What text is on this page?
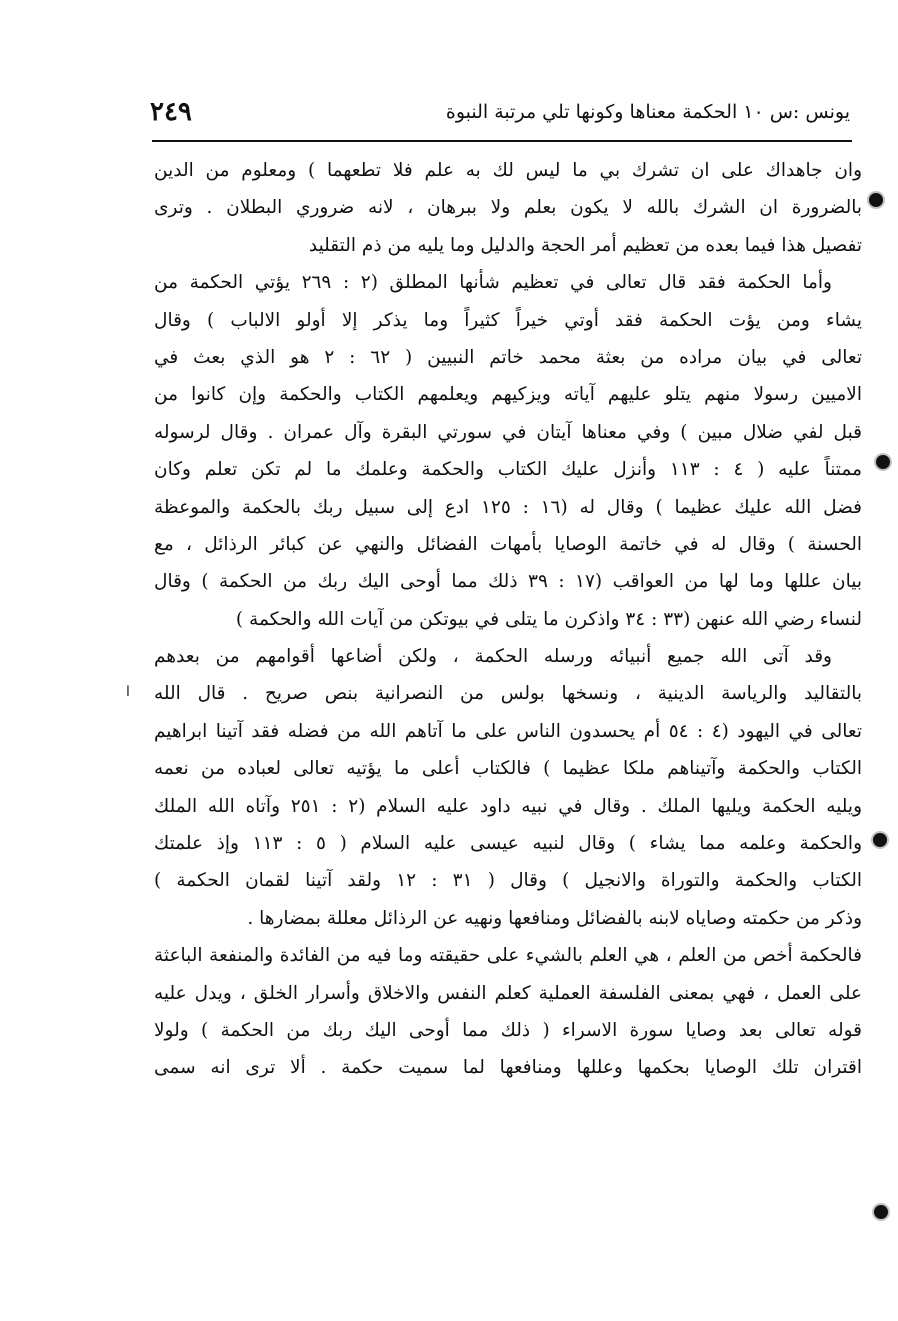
يونس :س ١٠ الحكمة معناها وكونها تلي مرتبة النبوة
٢٤٩
وان جاهداك على ان تشرك بي ما ليس لك به علم فلا تطعهما ) ومعلوم من الدين
بالضرورة ان الشرك بالله لا يكون بعلم ولا ببرهان ، لانه ضروري البطلان . وترى
تفصيل هذا فيما بعده من تعظيم أمر الحجة والدليل وما يليه من ذم التقليد
وأما الحكمة فقد قال تعالى في تعظيم شأنها المطلق (٢ : ٢٦٩ يؤتي الحكمة من
يشاء ومن يؤت الحكمة فقد أوتي خيراً كثيراً وما يذكر إلا أولو الالباب ) وقال
تعالى في بيان مراده من بعثة محمد خاتم النبيين ( ٦٢ : ٢ هو الذي بعث في
الاميين رسولا منهم يتلو عليهم آياته ويزكيهم ويعلمهم الكتاب والحكمة وإن كانوا من
قبل لفي ضلال مبين ) وفي معناها آيتان في سورتي البقرة وآل عمران . وقال لرسوله
ممتناً عليه ( ٤ : ١١٣ وأنزل عليك الكتاب والحكمة وعلمك ما لم تكن تعلم وكان
فضل الله عليك عظيما ) وقال له (١٦ : ١٢٥ ادع إلى سبيل ربك بالحكمة والموعظة
الحسنة ) وقال له في خاتمة الوصايا بأمهات الفضائل والنهي عن كبائر الرذائل ، مع
بيان عللها وما لها من العواقب (١٧ : ٣٩ ذلك مما أوحى اليك ربك من الحكمة ) وقال
لنساء رضي الله عنهن (٣٣ : ٣٤ واذكرن ما يتلى في بيوتكن من آيات الله والحكمة )
وقد آتى الله جميع أنبيائه ورسله الحكمة ، ولكن أضاعها أقوامهم من بعدهم
بالتقاليد والرياسة الدينية ، ونسخها بولس من النصرانية بنص صريح . قال الله
تعالى في اليهود (٤ : ٥٤ أم يحسدون الناس على ما آتاهم الله من فضله فقد آتينا ابراهيم
الكتاب والحكمة وآتيناهم ملكا عظيما ) فالكتاب أعلى ما يؤتيه تعالى لعباده من نعمه
ويليه الحكمة ويليها الملك . وقال في نبيه داود عليه السلام (٢ : ٢٥١ وآتاه الله الملك
والحكمة وعلمه مما يشاء ) وقال لنبيه عيسى عليه السلام ( ٥ : ١١٣ وإذ علمتك
الكتاب والحكمة والتوراة والانجيل ) وقال ( ٣١ : ١٢ ولقد آتينا لقمان الحكمة )
وذكر من حكمته وصاياه لابنه بالفضائل ومنافعها ونهيه عن الرذائل معللة بمضارها .
فالحكمة أخص من العلم ، هي العلم بالشيء على حقيقته وما فيه من الفائدة والمنفعة الباعثة
على العمل ، فهي بمعنى الفلسفة العملية كعلم النفس والاخلاق وأسرار الخلق ، ويدل عليه
قوله تعالى بعد وصايا سورة الاسراء ( ذلك مما أوحى اليك ربك من الحكمة ) ولولا
اقتران تلك الوصايا بحكمها وعللها ومنافعها لما سميت حكمة . ألا ترى انه سمى
ا
